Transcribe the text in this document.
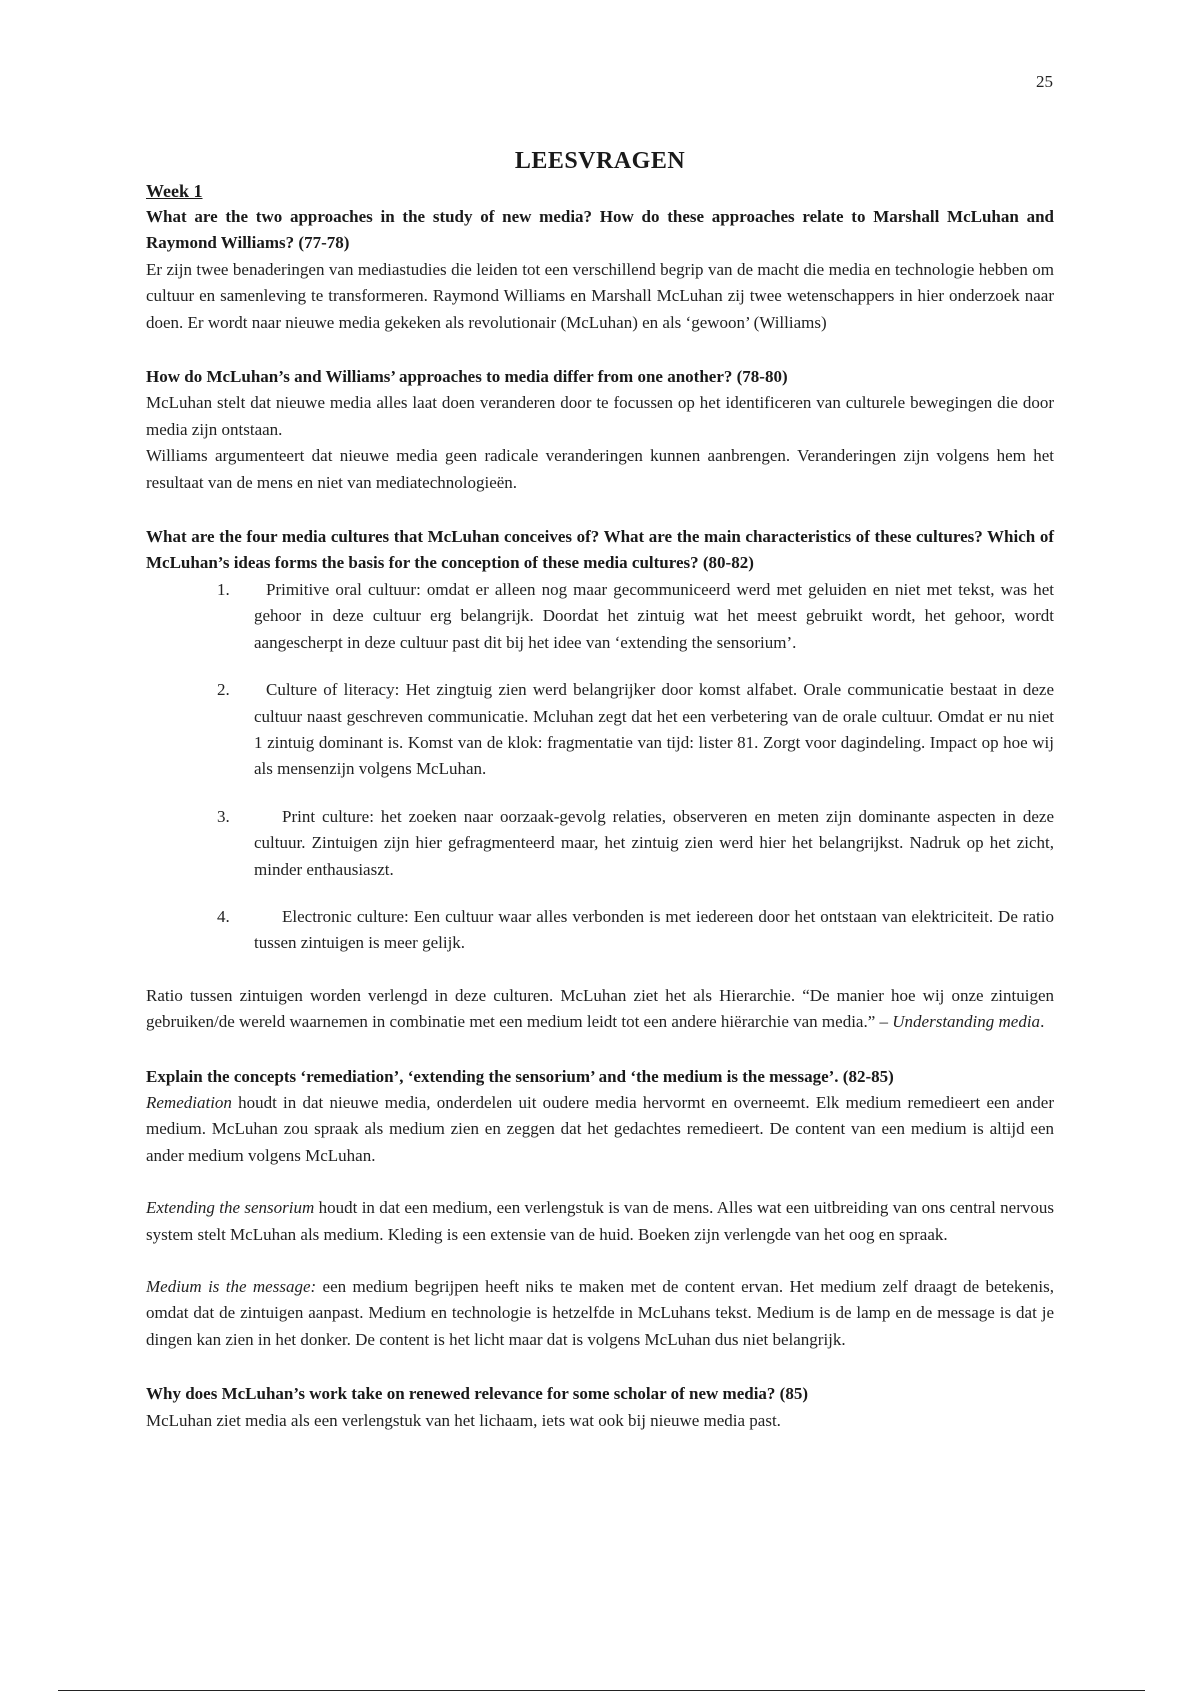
25
LEESVRAGEN
Week 1

What are the two approaches in the study of new media? How do these approaches relate to Marshall McLuhan and Raymond Williams? (77-78)

Er zijn twee benaderingen van mediastudies die leiden tot een verschillend begrip van de macht die media en technologie hebben om cultuur en samenleving te transformeren. Raymond Williams en Marshall McLuhan zij twee wetenschappers in hier onderzoek naar doen. Er wordt naar nieuwe media gekeken als revolutionair (McLuhan) en als ‘gewoon’ (Williams)

How do McLuhan’s and Williams’ approaches to media differ from one another? (78-80)

McLuhan stelt dat nieuwe media alles laat doen veranderen door te focussen op het identificeren van culturele bewegingen die door media zijn ontstaan.

Williams argumenteert dat nieuwe media geen radicale veranderingen kunnen aanbrengen. Veranderingen zijn volgens hem het resultaat van de mens en niet van mediatechnologieën.

What are the four media cultures that McLuhan conceives of? What are the main characteristics of these cultures? Which of McLuhan’s ideas forms the basis for the conception of these media cultures? (80-82)

1. Primitive oral cultuur: omdat er alleen nog maar gecommuniceerd werd met geluiden en niet met tekst, was het gehoor in deze cultuur erg belangrijk. Doordat het zintuig wat het meest gebruikt wordt, het gehoor, wordt aangescherpt in deze cultuur past dit bij het idee van ‘extending the sensorium’.
2. Culture of literacy: Het zingtuig zien werd belangrijker door komst alfabet. Orale communicatie bestaat in deze cultuur naast geschreven communicatie. Mcluhan zegt dat het een verbetering van de orale cultuur. Omdat er nu niet 1 zintuig dominant is. Komst van de klok: fragmentatie van tijd: lister 81. Zorgt voor dagindeling. Impact op hoe wij als mensenzijn volgens McLuhan.
3.	Print culture: het zoeken naar oorzaak-gevolg relaties, observeren en meten zijn dominante aspecten in deze cultuur. Zintuigen zijn hier gefragmenteerd maar, het zintuig zien werd hier het belangrijkst. Nadruk op het zicht, minder enthausiaszt.
4.	Electronic culture: Een cultuur waar alles verbonden is met iedereen door het ontstaan van elektriciteit. De ratio tussen zintuigen is meer gelijk.

Ratio tussen zintuigen worden verlengd in deze culturen. McLuhan ziet het als Hierarchie. “De manier hoe wij onze zintuigen gebruiken/de wereld waarnemen in combinatie met een medium leidt tot een andere hiërarchie van media.” – Understanding media.

Explain the concepts ‘remediation’, ‘extending the sensorium’ and ‘the medium is the message’. (82-85)

Remediation houdt in dat nieuwe media, onderdelen uit oudere media hervormt en overneemt. Elk medium remedieert een ander medium. McLuhan zou spraak als medium zien en zeggen dat het gedachtes remedieert. De content van een medium is altijd een ander medium volgens McLuhan.

Extending the sensorium houdt in dat een medium, een verlengstuk is van de mens. Alles wat een uitbreiding van ons central nervous system stelt McLuhan als medium. Kleding is een extensie van de huid. Boeken zijn verlengde van het oog en spraak.

Medium is the message: een medium begrijpen heeft niks te maken met de content ervan. Het medium zelf draagt de betekenis, omdat dat de zintuigen aanpast. Medium en technologie is hetzelfde in McLuhans tekst. Medium is de lamp en de message is dat je dingen kan zien in het donker. De content is het licht maar dat is volgens McLuhan dus niet belangrijk.

Why does McLuhan’s work take on renewed relevance for some scholar of new media? (85)

McLuhan ziet media als een verlengstuk van het lichaam, iets wat ook bij nieuwe media past.
